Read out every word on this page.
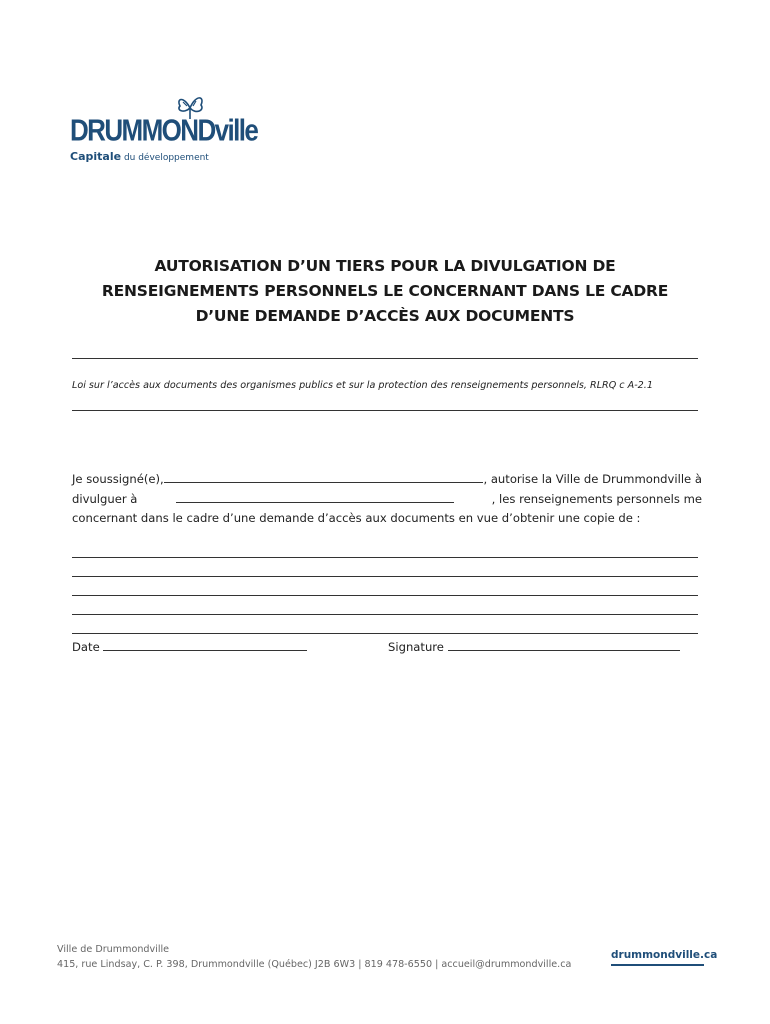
DRUMMONDville
Capitale du développement
AUTORISATION D’UN TIERS POUR LA DIVULGATION DE
RENSEIGNEMENTS PERSONNELS LE CONCERNANT DANS LE CADRE
D’UNE DEMANDE D’ACCÈS AUX DOCUMENTS
Loi sur l’accès aux documents des organismes publics et sur la protection des renseignements personnels, RLRQ c A-2.1
Je soussigné(e),	, autorise la Ville de Drummondville à
divulguer à	, les renseignements personnels me
concernant dans le cadre d’une demande d’accès aux documents en vue d’obtenir une copie de :
Date	Signature
Ville de Drummondville
415, rue Lindsay, C. P. 398, Drummondville (Québec) J2B 6W3 | 819 478-6550 | accueil@drummondville.ca
drummondville.ca
